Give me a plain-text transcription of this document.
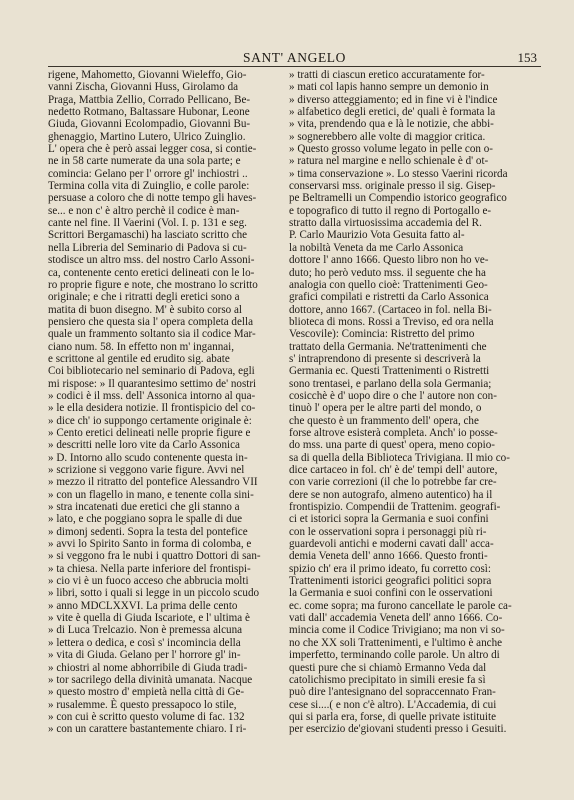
SANT' ANGELO	153
rigene, Mahometto, Giovanni Wieleffo, Gio-
vanni Zischa, Giovanni Huss, Girolamo da
Praga, Mattbia Zellio, Corrado Pellicano, Be-
nedetto Rotmano, Baltassare Hubonar, Leone
Giuda, Giovanni Ecolompadio, Giovanni Bu-
ghenaggio, Martino Lutero, Ulrico Zuinglio.
L' opera che è però assai legger cosa, si contie-
ne in 58 carte numerate da una sola parte; e
comincia: Gelano per l' orrore gl' inchiostri ..
Termina colla vita di Zuinglio, e colle parole:
persuase a coloro che di notte tempo gli haves-
se... e non c' è altro perchè il codice è man-
cante nel fine. Il Vaerini (Vol. I. p. 131 e seg.
Scrittori Bergamaschi) ha lasciato scritto che
nella Libreria del Seminario di Padova si cu-
stodisce un altro mss. del nostro Carlo Assoni-
ca, contenente cento eretici delineati con le lo-
ro proprie figure e note, che mostrano lo scritto
originale; e che i ritratti degli eretici sono a
matita di buon disegno. M' è subito corso al
pensiero che questa sia l' opera completa della
quale un frammento soltanto sia il codice Mar-
ciano num. 58. In effetto non m' ingannai,
e scrittone al gentile ed erudito sig. abate
Coi bibliotecario nel seminario di Padova, egli
mi rispose: » Il quarantesimo settimo de' nostri
» codici è il mss. dell' Assonica intorno al qua-
» le ella desidera notizie. Il frontispicio del co-
» dice ch' io suppongo certamente originale è:
» Cento eretici delineati nelle proprie figure e
» descritti nelle loro vite da Carlo Assonica
» D. Intorno allo scudo contenente questa in-
» scrizione si veggono varie figure. Avvi nel
» mezzo il ritratto del pontefice Alessandro VII
» con un flagello in mano, e tenente colla sini-
» stra incatenati due eretici che gli stanno a
» lato, e che poggiano sopra le spalle di due
» dimonj sedenti. Sopra la testa del pontefice
» avvi lo Spirito Santo in forma di colomba, e
» si veggono fra le nubi i quattro Dottori di san-
» ta chiesa. Nella parte inferiore del frontispi-
» cio vi è un fuoco acceso che abbrucia molti
» libri, sotto i quali si legge in un piccolo scudo
» anno MDCLXXVI. La prima delle cento
» vite è quella di Giuda Iscariote, e l' ultima è
» di Luca Trelcazio. Non è premessa alcuna
» lettera o dedica, e così s' incomincia della
» vita di Giuda. Gelano per l' horrore gl' in-
» chiostri al nome abhorribile di Giuda tradi-
» tor sacrilego della divinità umanata. Nacque
» questo mostro d' empietà nella città di Ge-
» rusalemme. È questo pressapoco lo stile,
» con cui è scritto questo volume di fac. 132
» con un carattere bastantemente chiaro. I ri-
» tratti di ciascun eretico accuratamente for-
» mati col lapis hanno sempre un demonio in
» diverso atteggiamento; ed in fine vi è l'indice
» alfabetico degli eretici, de' quali è formata la
» vita, prendendo qua e là le notizie, che abbi-
» sognerebbero alle volte di maggior critica.
» Questo grosso volume legato in pelle con o-
» ratura nel margine e nello schienale è d' ot-
» tima conservazione ». Lo stesso Vaerini ricorda
conservarsi mss. originale presso il sig. Gisep-
pe Beltramelli un Compendio istorico geografico
e topografico di tutto il regno di Portogallo e-
stratto dalla virtuosissima accademia del R.
P. Carlo Maurizio Vota Gesuita fatto al-
la nobiltà Veneta da me Carlo Assonica
dottore l' anno 1666. Questo libro non ho ve-
duto; ho però veduto mss. il seguente che ha
analogia con quello cioè: Trattenimenti Geo-
grafici compilati e ristretti da Carlo Assonica
dottore, anno 1667. (Cartaceo in fol. nella Bi-
blioteca di mons. Rossi a Treviso, ed ora nella
Vescovile): Comincia: Ristretto del primo
trattato della Germania. Ne'trattenimenti che
s' intraprendono di presente si descriverà la
Germania ec. Questi Trattenimenti o Ristretti
sono trentasei, e parlano della sola Germania;
cosicchè è d' uopo dire o che l' autore non con-
tinuò l' opera per le altre parti del mondo, o
che questo è un frammento dell' opera, che
forse altrove esisterà completa. Anch' io posse-
do mss. una parte di quest' opera, meno copio-
sa di quella della Biblioteca Trivigiana. Il mio co-
dice cartaceo in fol. ch' è de' tempi dell' autore,
con varie correzioni (il che lo potrebbe far cre-
dere se non autografo, almeno autentico) ha il
frontispizio. Compendii de Trattenim. geografi-
ci et istorici sopra la Germania e suoi confini
con le osservationi sopra i personaggi più ri-
guardevoli antichi e moderni cavati dall' acca-
demia Veneta dell' anno 1666. Questo fronti-
spizio ch' era il primo ideato, fu corretto così:
Trattenimenti istorici geografici politici sopra
la Germania e suoi confini con le osservationi
ec. come sopra; ma furono cancellate le parole ca-
vati dall' accademia Veneta dell' anno 1666. Co-
mincia come il Codice Trivigiano; ma non vi so-
no che XX soli Trattenimenti, e l'ultimo è anche
imperfetto, terminando colle parole. Un altro di
questi pure che si chiamò Ermanno Veda dal
catolichismo precipitato in simili eresie fa sì
può dire l'antesignano del sopraccennato Fran-
cese si....( e non c'è altro). L'Accademia, di cui
qui si parla era, forse, di quelle private istituite
per esercizio de'giovani studenti presso i Gesuiti.
